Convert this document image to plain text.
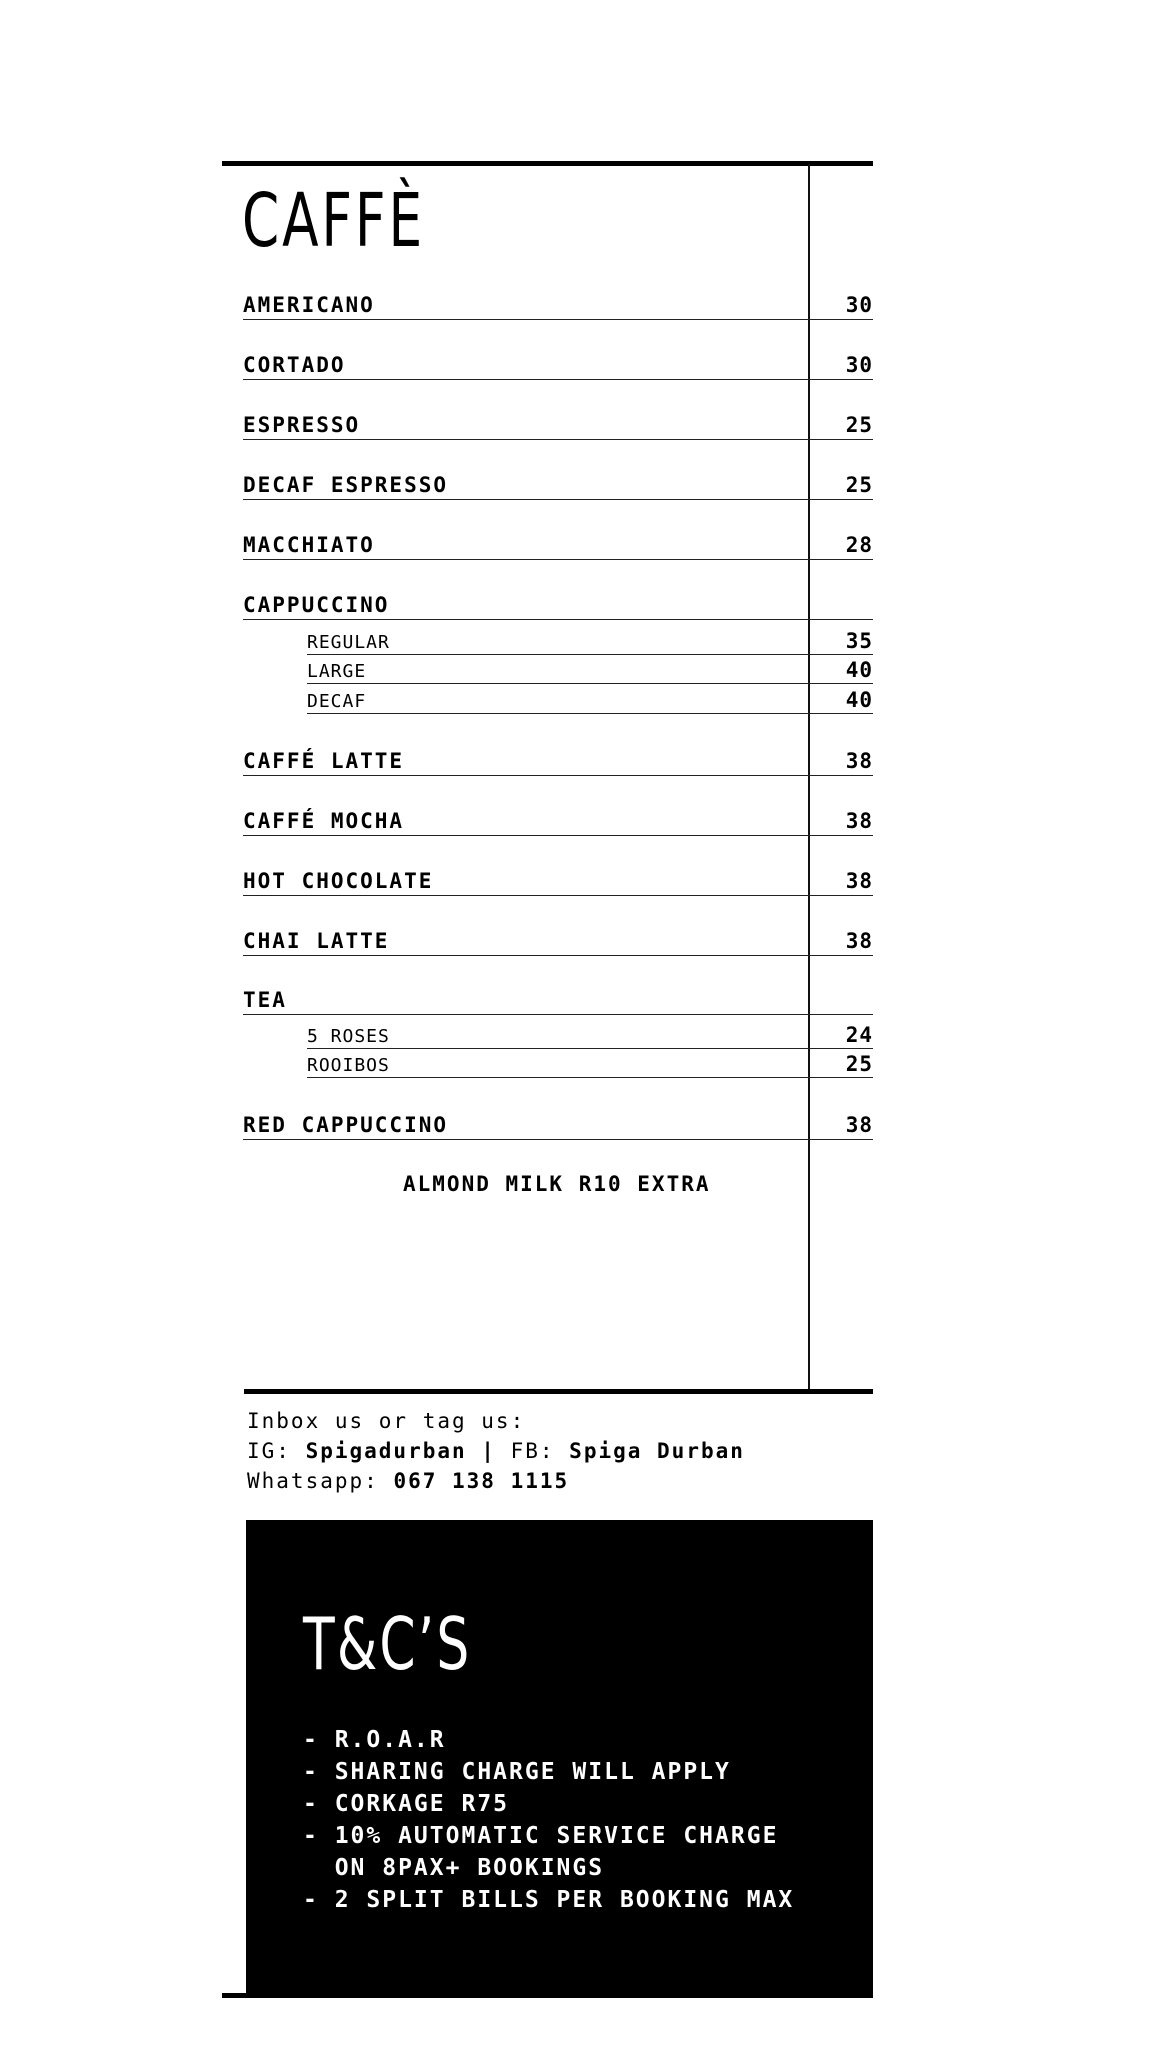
CAFFÈ
AMERICANO	30
CORTADO	30
ESPRESSO	25
DECAF ESPRESSO	25
MACCHIATO	28
CAPPUCCINO
REGULAR	35
LARGE	40
DECAF	40
CAFFÉ LATTE	38
CAFFÉ MOCHA	38
HOT CHOCOLATE	38
CHAI LATTE	38
TEA
5 ROSES	24
ROOIBOS	25
RED CAPPUCCINO	38
ALMOND MILK R10 EXTRA
Inbox us or tag us:
IG: Spigadurban | FB: Spiga Durban
Whatsapp: 067 138 1115
T&C’S
- R.O.A.R
- SHARING CHARGE WILL APPLY
- CORKAGE R75
- 10% AUTOMATIC SERVICE CHARGE
ON 8PAX+ BOOKINGS
- 2 SPLIT BILLS PER BOOKING MAX
